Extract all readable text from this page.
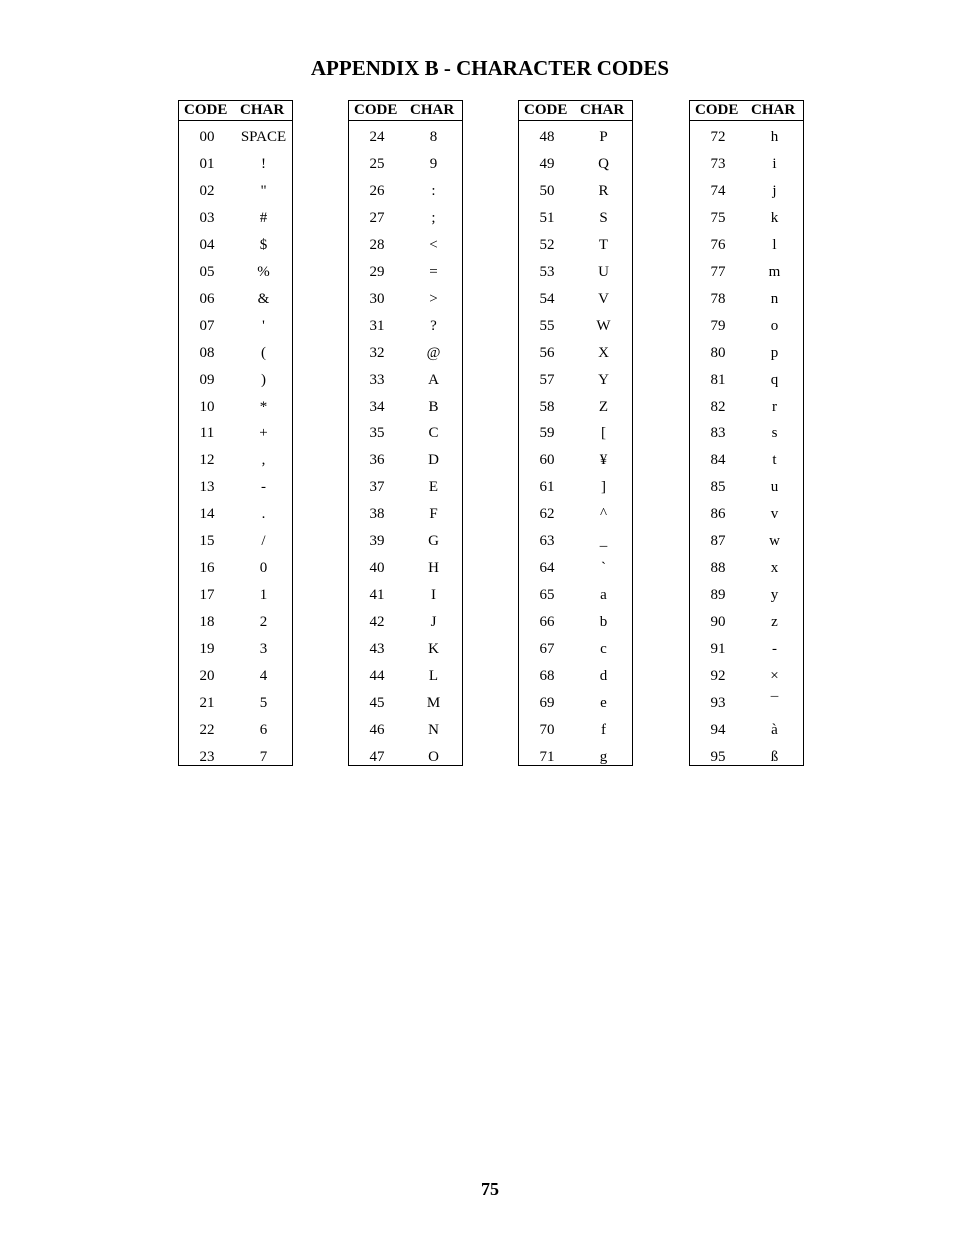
APPENDIX B - CHARACTER CODES
CODE CHAR
00	SPACE
01	!
02	"
03	#
04	$
05	%
06	&
07	'
08	(
09	)
10	*
11	+
12	,
13	-
14	.
15	/
16	0
17	1
18	2
19	3
20	4
21	5
22	6
23	7
CODE CHAR
24	8
25	9
26	:
27	;
28	<
29	=
30	>
31	?
32	@
33	A
34	B
35	C
36	D
37	E
38	F
39	G
40	H
41	I
42	J
43	K
44	L
45	M
46	N
47	O
CODE CHAR
48	P
49	Q
50	R
51	S
52	T
53	U
54	V
55	W
56	X
57	Y
58	Z
59	[
60	¥
61	]
62	^
63	_
64	`
65	a
66	b
67	c
68	d
69	e
70	f
71	g
CODE CHAR
72	h
73	i
74	j
75	k
76	l
77	m
78	n
79	o
80	p
81	q
82	r
83	s
84	t
85	u
86	v
87	w
88	x
89	y
90	z
91	-
92	×
93	¯
94	à
95	ß
75
